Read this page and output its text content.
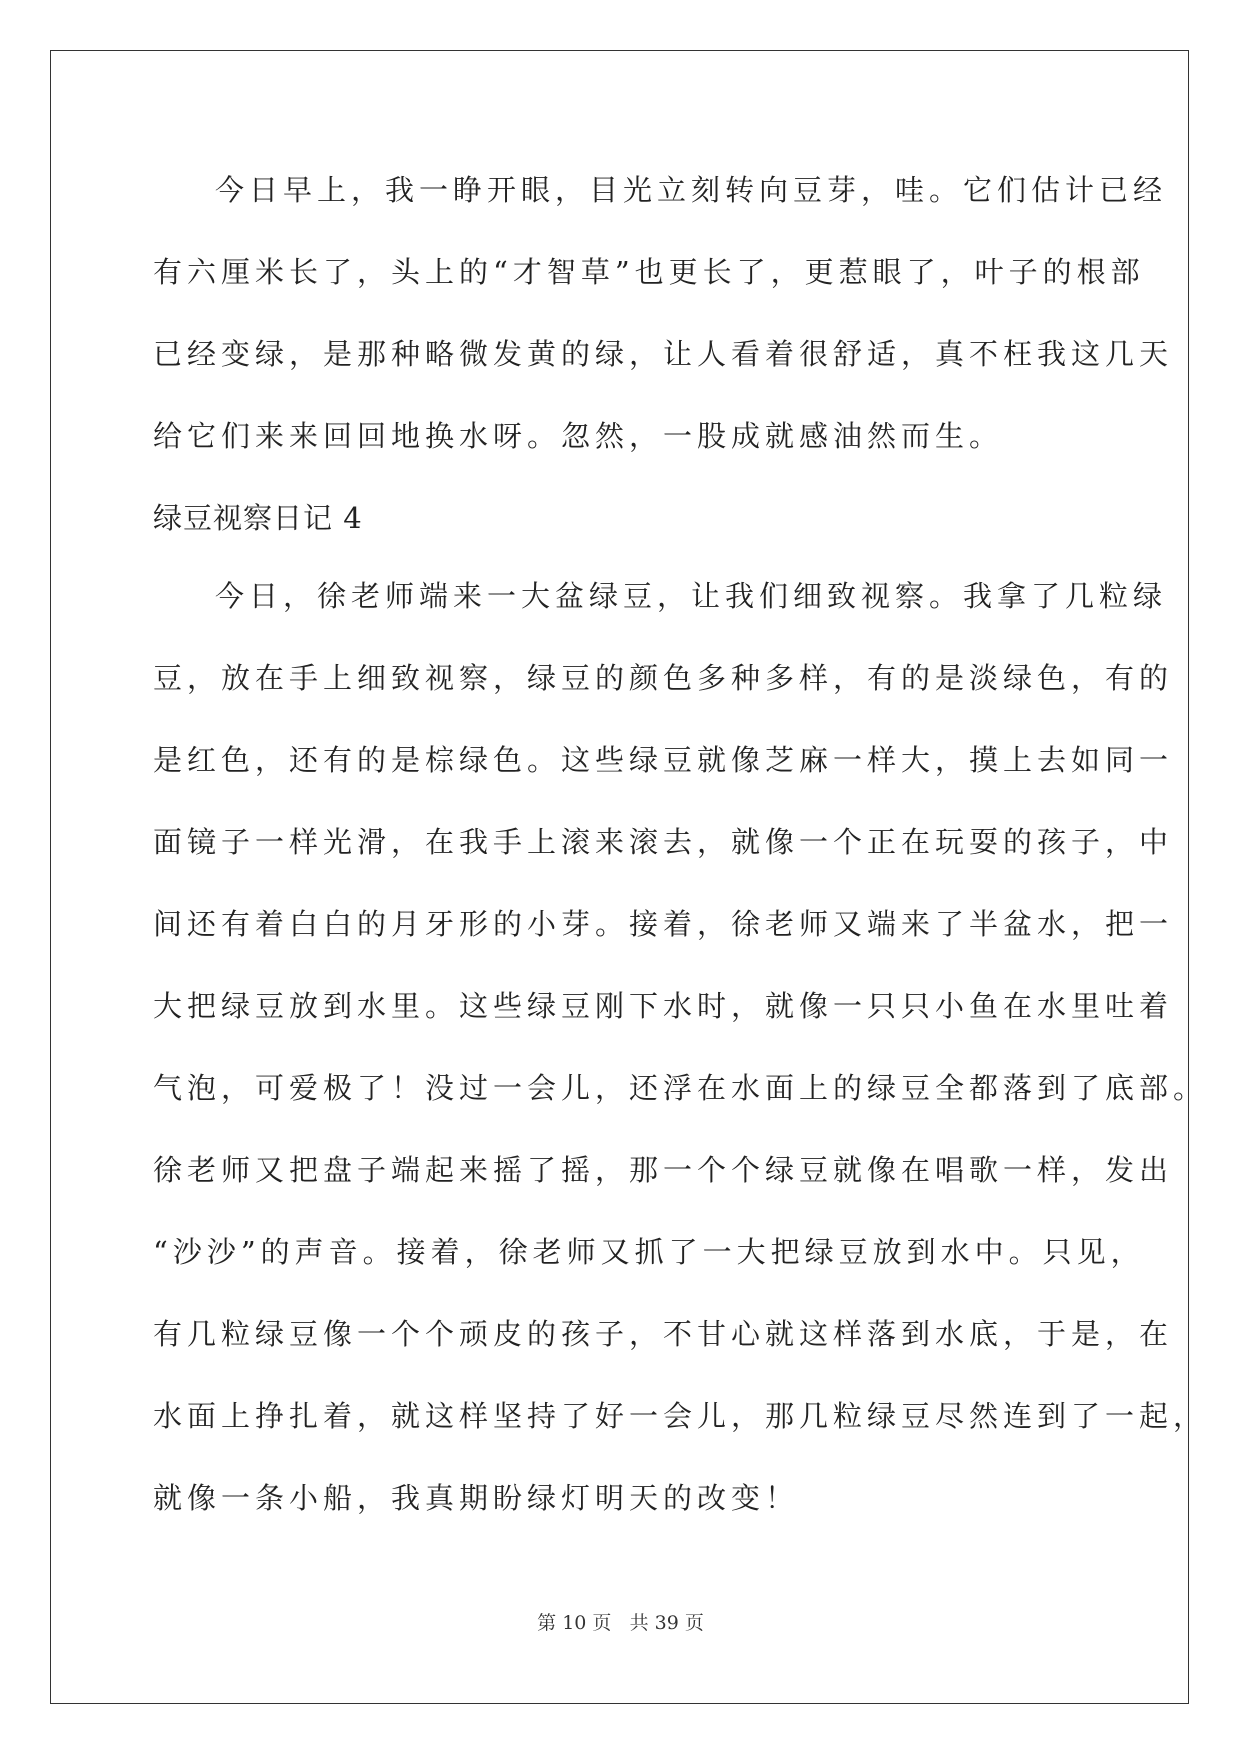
今日早上，我一睁开眼，目光立刻转向豆芽，哇。它们估计已经
有六厘米长了，头上的“才智草”也更长了，更惹眼了，叶子的根部
已经变绿，是那种略微发黄的绿，让人看着很舒适，真不枉我这几天
给它们来来回回地换水呀。忽然，一股成就感油然而生。
绿豆视察日记 4
今日，徐老师端来一大盆绿豆，让我们细致视察。我拿了几粒绿
豆，放在手上细致视察，绿豆的颜色多种多样，有的是淡绿色，有的
是红色，还有的是棕绿色。这些绿豆就像芝麻一样大，摸上去如同一
面镜子一样光滑，在我手上滚来滚去，就像一个正在玩耍的孩子，中
间还有着白白的月牙形的小芽。接着，徐老师又端来了半盆水，把一
大把绿豆放到水里。这些绿豆刚下水时，就像一只只小鱼在水里吐着
气泡，可爱极了！没过一会儿，还浮在水面上的绿豆全都落到了底部。
徐老师又把盘子端起来摇了摇，那一个个绿豆就像在唱歌一样，发出
“沙沙”的声音。接着，徐老师又抓了一大把绿豆放到水中。只见，
有几粒绿豆像一个个顽皮的孩子，不甘心就这样落到水底，于是，在
水面上挣扎着，就这样坚持了好一会儿，那几粒绿豆尽然连到了一起，
就像一条小船，我真期盼绿灯明天的改变！
第 10 页 共 39 页
